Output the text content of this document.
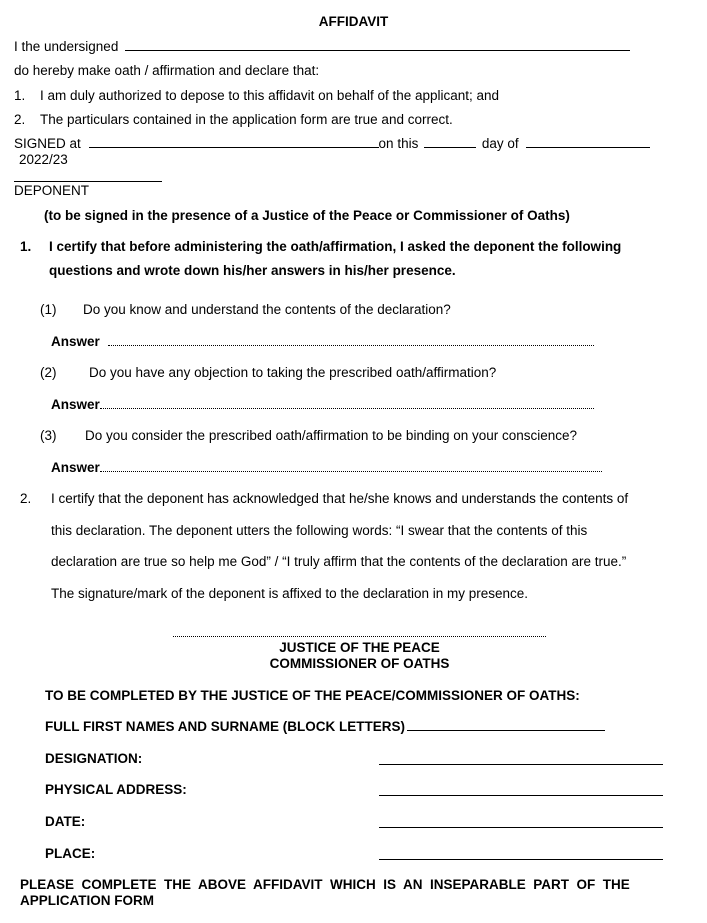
AFFIDAVIT
I the undersigned
do hereby make oath / affirmation and declare that:
1. I am duly authorized to depose to this affidavit on behalf of the applicant; and
2. The particulars contained in the application form are true and correct.
SIGNED at	on this	day of
2022/23
DEPONENT
(to be signed in the presence of a Justice of the Peace or Commissioner of Oaths)
1. I certify that before administering the oath/affirmation, I asked the deponent the following
questions and wrote down his/her answers in his/her presence.
(1) Do you know and understand the contents of the declaration?
Answer
(2) Do you have any objection to taking the prescribed oath/affirmation?
Answer
(3) Do you consider the prescribed oath/affirmation to be binding on your conscience?
Answer
2. I certify that the deponent has acknowledged that he/she knows and understands the contents of
this declaration. The deponent utters the following words: “I swear that the contents of this
declaration are true so help me God” / “I truly affirm that the contents of the declaration are true.”
The signature/mark of the deponent is affixed to the declaration in my presence.
JUSTICE OF THE PEACE
COMMISSIONER OF OATHS
TO BE COMPLETED BY THE JUSTICE OF THE PEACE/COMMISSIONER OF OATHS:
FULL FIRST NAMES AND SURNAME (BLOCK LETTERS)
DESIGNATION:
PHYSICAL ADDRESS:
DATE:
PLACE:
PLEASE  COMPLETE  THE  ABOVE  AFFIDAVIT  WHICH  IS  AN  INSEPARABLE  PART  OF  THE
APPLICATION FORM
